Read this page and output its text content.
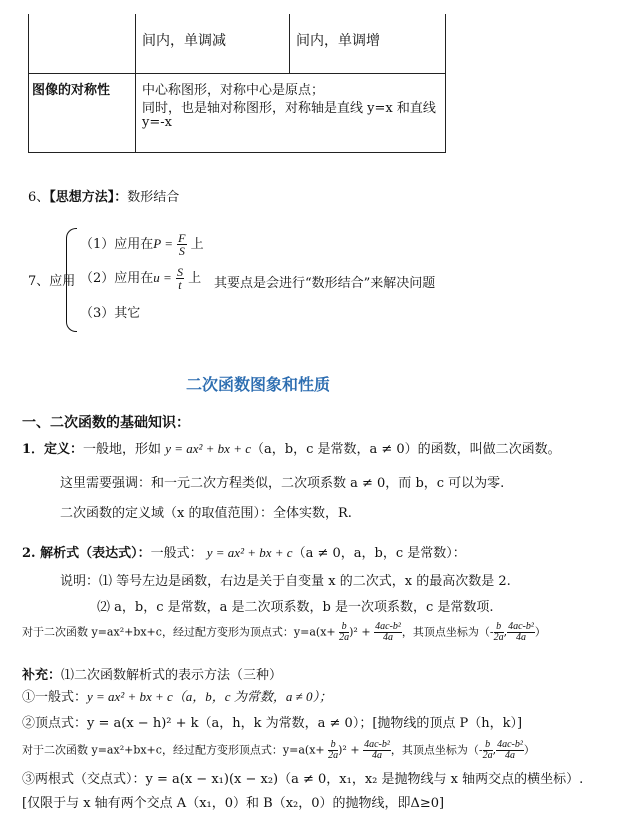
间内，单调减	间内，单调增
图像的对称性 中心称图形，对称中心是原点；
同时，也是轴对称图形，对称轴是直线 y=x 和直线
y=-x
6、【思想方法】：数形结合
7、应用
（1）应用在$P = \frac{F}{S}$ 上
（2）应用在$u = \frac{S}{t}$ 上
（3）其它
其要点是会进行“数形结合”来解决问题
二次函数图象和性质
一、二次函数的基础知识：
1．定义：一般地，形如 y = ax² + bx + c（a，b，c 是常数，a ≠ 0）的函数，叫做二次函数。
这里需要强调：和一元二次方程类似，二次项系数 a ≠ 0，而 b，c 可以为零.
二次函数的定义域（x 的取值范围）：全体实数，R.
2. 解析式（表达式）：一般式： y = ax² + bx + c（a ≠ 0，a，b，c 是常数）：
说明：⑴ 等号左边是函数，右边是关于自变量 x 的二次式，x 的最高次数是 2.
⑵ a，b，c 是常数，a 是二次项系数，b 是一次项系数，c 是常数项.
对于二次函数 y=ax²+bx+c，经过配方变形为顶点式：$y=a(x+ \frac{b}{2a} )^2 + \frac{\text{4ac-b²}}{4a}$ ，其顶点坐标为（- $\frac{b}{2a}$ , $\frac{\text{4ac-b²}}{4a}$ ）
补充：⑴二次函数解析式的表示方法（三种）
①一般式：y = ax² + bx + c（a，b，c 为常数，a ≠ 0）；
②顶点式：y = a(x − h)² + k（a，h，k 为常数，a ≠ 0）；[抛物线的顶点 P（h，k）]
对于二次函数 y=ax²+bx+c，经过配方变形顶点式：$y=a(x+ \frac{b}{2a} )^2 + \frac{\text{4ac-b²}}{4a}$ ，其顶点坐标为（- $\frac{b}{2a}$ , $\frac{\text{4ac-b²}}{4a}$ ）
③两根式（交点式）：y = a(x − x₁)(x − x₂)（a ≠ 0，x₁，x₂ 是抛物线与 x 轴两交点的横坐标）.
[仅限于与 x 轴有两个交点 A（x₁，0）和 B（x₂，0）的抛物线，即Δ≥0]
